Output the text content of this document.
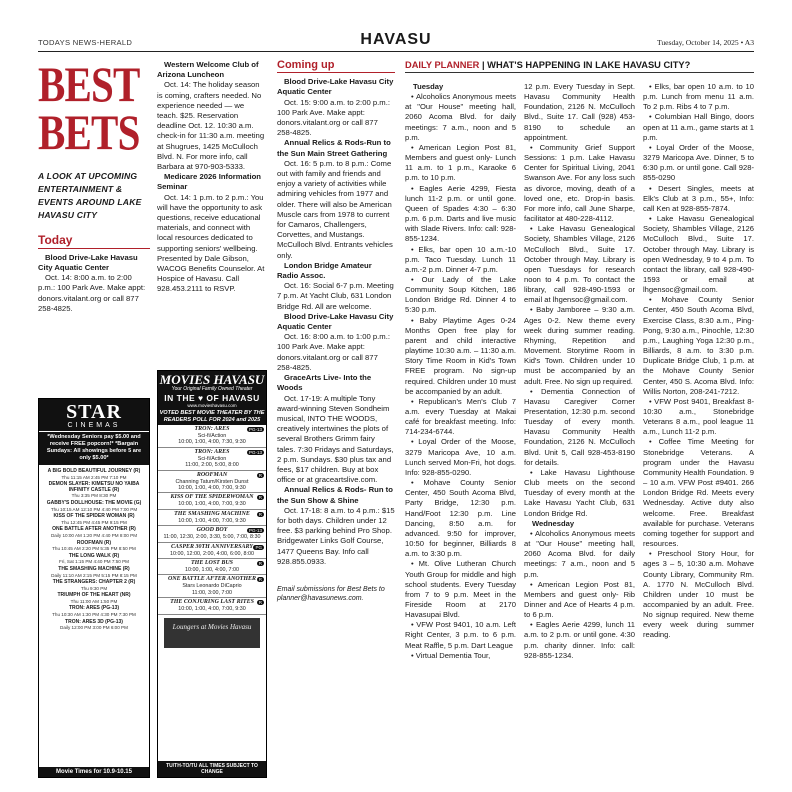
TODAYS NEWS-HERALD	HAVASU	Tuesday, October 14, 2025 • A3
BEST
BETS
A LOOK AT UPCOMING ENTERTAINMENT & EVENTS AROUND LAKE HAVASU CITY
Today

Blood Drive-Lake Havasu City Aquatic Center

Oct. 14: 8:00 a.m. to 2:00 p.m.: 100 Park Ave. Make appt: donors.vitalant.org or call 877 258-4825.

STAR
CINEMAS
*Wednesday Seniors pay $5.00 and receive FREE popcorn!* *Bargain Sundays: All showings before 5 are only $5.00*
A BIG BOLD BEAUTIFUL JOURNEY (R)
Thu 11:15 AM 2:45 PM 7:10 PM
DEMON SLAYER: KIMETSU NO YAIBA INFINITY CASTLE (R)
Thu 3:35 PM 8:30 PM
GABBY'S DOLLHOUSE: THE MOVIE (G)
Thu 10:15 AM 12:10 PM 4:40 PM 7:00 PM
KISS OF THE SPIDER WOMAN (R)
Thu 12:45 PM 4:45 PM 9:15 PM
ONE BATTLE AFTER ANOTHER (R)
Daily 10:00 AM 1:20 PM 4:40 PM 8:00 PM
ROOFMAN (R)
Thu 10:45 AM 2:20 PM 5:35 PM 8:50 PM
THE LONG WALK (R)
Fri, Sat 1:15 PM 4:40 PM 7:50 PM
THE SMASHING MACHINE (R)
Daily 11:10 AM 2:15 PM 5:15 PM 8:15 PM
THE STRANGERS: CHAPTER 2 (R)
Thu 9:30 PM
TRIUMPH OF THE HEART (NR)
Thu 11:00 AM 1:50 PM
TRON: ARES (PG-13)
Thu 10:30 AM 1:30 PM 4:30 PM 7:30 PM
TRON: ARES 3D (PG-13)
Daily 12:00 PM 3:00 PM 6:00 PM
Movie Times for 10.9-10.15

Western Welcome Club of Arizona Luncheon

Oct. 14: The holiday season is coming, crafters needed. No experience needed — we teach. $25. Reservation deadline Oct. 12. 10:30 a.m. check-in for 11:30 a.m. meeting at Shugrues, 1425 McCulloch Blvd. N. For more info, call Barbara at 970-903-5333.

Medicare 2026 Information Seminar

Oct. 14: 1 p.m. to 2 p.m.: You will have the opportunity to ask questions, receive educational materials, and connect with local resources dedicated to supporting seniors' wellbeing. Presented by Dale Gibson, WACOG Benefits Counselor. At Hospice of Havasu. Call 928.453.2111 to RSVP.

MOVIES HAVASU
Your Original Family Owned Theater
IN THE ♥ OF HAVASU
www.movieshavasu.com
VOTED BEST MOVIE THEATER BY THE READERS POLL FOR 2024 and 2025
PG-13
TRON: ARES
Sci-fi/Action
10:00, 1:00, 4:00, 7:30, 9:30
PG-13
TRON: ARES
Sci-fi/Action
11:00, 2:00, 5:00, 8:00
R
ROOFMAN
Channing Tatum/Kirsten Dunst
10:00, 1:00, 4:00, 7:00, 9:30
R
KISS OF THE SPIDERWOMAN
10:00, 1:00, 4:00, 7:00, 9:30
R
THE SMASHING MACHINE
10:00, 1:00, 4:00, 7:00, 9:30
PG-13
GOOD BOY
11:00, 12:30, 2:00, 3:30, 5:00, 7:00, 8:30
PG
CASPER 30TH ANNIVERSARY
10:00, 12:00, 2:00, 4:00, 6:00, 8:00
R
THE LOST BUS
10:00, 1:00, 4:00, 7:00
R
ONE BATTLE AFTER ANOTHER
Stars Leonardo DiCaprio
11:00, 3:00, 7:00
R
THE CONJURING LAST RITES
10:00, 1:00, 4:00, 7:00, 9:30
Loungers at Movies Havasu
TU/TH-TO/TU ALL TIMES SUBJECT TO CHANGE
Coming up

Blood Drive-Lake Havasu City Aquatic Center

Oct. 15: 9:00 a.m. to 2:00 p.m.: 100 Park Ave. Make appt: donors.vitalant.org or call 877 258-4825.

Annual Relics & Rods-Run to the Sun Main Street Gathering

Oct. 16: 5 p.m. to 8 p.m.: Come out with family and friends and enjoy a variety of activities while admiring vehicles from 1977 and older. There will also be American Muscle cars from 1978 to current for Camaros, Challengers, Corvettes, and Mustangs. McCulloch Blvd. Entrants vehicles only.

London Bridge Amateur Radio Assoc.

Oct. 16: Social 6-7 p.m. Meeting 7 p.m. At Yacht Club, 631 London Bridge Rd. All are welcome.

Blood Drive-Lake Havasu City Aquatic Center

Oct. 16: 8:00 a.m. to 1:00 p.m.: 100 Park Ave. Make appt: donors.vitalant.org or call 877 258-4825.

GraceArts Live- Into the Woods

Oct. 17-19: A multiple Tony award-winning Steven Sondheim musical, INTO THE WOODS, creatively intertwines the plots of several Brothers Grimm fairy tales. 7:30 Fridays and Saturdays, 2 p.m. Sundays. $30 plus tax and fees, $17 children. Buy at box office or at graceartslive.com.

Annual Relics & Rods- Run to the Sun Show & Shine

Oct. 17-18: 8 a.m. to 4 p.m.: $15 for both days. Children under 12 free. $3 parking behind Pro Shop. Bridgewater Links Golf Course, 1477 Queens Bay. Info call 928.855.0933.

Email submissions for Best Bets to planner@havasunews.com.

DAILY PLANNER | WHAT'S HAPPENING IN LAKE HAVASU CITY?

Tuesday

• Alcoholics Anonymous meets at "Our House" meeting hall, 2060 Acoma Blvd. for daily meetings: 7 a.m., noon and 5 p.m.

• American Legion Post 81, Members and guest only- Lunch 11 a.m. to 1 p.m., Karaoke 6 p.m. to 10 p.m.

• Eagles Aerie 4299, Fiesta lunch 11-2 p.m. or until gone. Queen of Spades 4:30 – 6:30 p.m. 6 p.m. Darts and live music with Slade Rivers. Info: call: 928-855-1234.

• Elks, bar open 10 a.m.-10 p.m. Taco Tuesday. Lunch 11 a.m.-2 p.m. Dinner 4-7 p.m.

• Our Lady of the Lake Community Soup Kitchen, 186 London Bridge Rd. Dinner 4 to 5:30 p.m.

• Baby Playtime Ages 0-24 Months Open free play for parent and child interactive playtime 10:30 a.m. – 11:30 a.m. Story Time Room in Kid's Town FREE program. No sign-up required. Children under 10 must be accompanied by an adult.

• Republican's Men's Club 7 a.m. every Tuesday at Makai café for breakfast meeting. Info: 714-234-6744.

• Loyal Order of the Moose, 3279 Maricopa Ave, 10 a.m. Lunch served Mon-Fri, hot dogs. Info: 928-855-0290.

• Mohave County Senior Center, 450 South Acoma Blvd, Party Bridge, 12:30 p.m. Hand/Foot 12:30 p.m. Line Dancing, 8:50 a.m. for advanced. 9:50 for improver, 10:50 for beginner, Billiards 8 a.m. to 3:30 p.m.

• Mt. Olive Lutheran Church Youth Group for middle and high school students. Every Tuesday from 7 to 9 p.m. Meet in the Fireside Room at 2170 Havasupai Blvd.

• VFW Post 9401, 10 a.m. Left Right Center, 3 p.m. to 6 p.m. Meat Raffle, 5 p.m. Dart League

• Virtual Dementia Tour,

12 p.m. Every Tuesday in Sept. Havasu Community Health Foundation, 2126 N. McCulloch Blvd., Suite 17. Call (928) 453-8190 to schedule an appointment.

• Community Grief Support Sessions: 1 p.m. Lake Havasu Center for Spiritual Living, 2041 Swanson Ave. For any loss such as divorce, moving, death of a loved one, etc. Drop-in basis. For more info, call June Sharpe, facilitator at 480-228-4112.

• Lake Havasu Genealogical Society, Shambles Village, 2126 McCulloch Blvd., Suite 17. October through May. Library is open Tuesdays for research noon to 4 p.m. To contact the library, call 928-490-1593 or email at lhgensoc@gmail.com.

• Baby Jamboree – 9:30 a.m. Ages 0-2. New theme every week during summer reading. Rhyming, Repetition and Movement. Storytime Room in Kid's Town. Children under 10 must be accompanied by an adult. Free. No sign up required.

• Dementia Connection of Havasu Caregiver Corner Presentation, 12:30 p.m. second Tuesday of every month. Havasu Community Health Foundation, 2126 N. McCulloch Blvd. Unit 5, Call 928-453-8190 for details.

• Lake Havasu Lighthouse Club meets on the second Tuesday of every month at the Lake Havasu Yacht Club, 631 London Bridge Rd.

Wednesday

• Alcoholics Anonymous meets at "Our House" meeting hall, 2060 Acoma Blvd. for daily meetings: 7 a.m., noon and 5 p.m.

• American Legion Post 81, Members and guest only- Rib Dinner and Ace of Hearts 4 p.m. to 6 p.m.

• Eagles Aerie 4299, lunch 11 a.m. to 2 p.m. or until gone. 4:30 p.m. charity dinner. Info: call: 928-855-1234.

• Elks, bar open 10 a.m. to 10 p.m. Lunch from menu 11 a.m. To 2 p.m. Ribs 4 to 7 p.m.

• Columbian Hall Bingo, doors open at 11 a.m., game starts at 1 p.m.

• Loyal Order of the Moose, 3279 Maricopa Ave. Dinner, 5 to 6:30 p.m. or until gone. Call 928-855-0290

• Desert Singles, meets at Elk's Club at 3 p.m., 55+, Info: call Ken at 928-855-7874.

• Lake Havasu Genealogical Society, Shambles Village, 2126 McCulloch Blvd., Suite 17. October through May. Library is open Wednesday, 9 to 4 p.m. To contact the library, call 928-490-1593 or email at lhgensoc@gmail.com.

• Mohave County Senior Center, 450 South Acoma Blvd, Exercise Class, 8:30 a.m., Ping-Pong, 9:30 a.m., Pinochle, 12:30 p.m., Laughing Yoga 12:30 p.m., Billiards, 8 a.m. to 3:30 p.m. Duplicate Bridge Club, 1 p.m. at the Mohave County Senior Center, 450 S. Acoma Blvd. Info: Willis Norton, 208-241-7212.

• VFW Post 9401, Breakfast 8-10:30 a.m., Stonebridge Veterans 8 a.m., pool league 11 a.m., Lunch 11-2 p.m.

• Coffee Time Meeting for Stonebridge Veterans. A program under the Havasu Community Health Foundation. 9 – 10 a.m. VFW Post #9401. 266 London Bridge Rd. Meets every Wednesday. Active duty also welcome. Free. Breakfast available for purchase. Veterans coming together for support and resources.

• Preschool Story Hour, for ages 3 – 5, 10:30 a.m. Mohave County Library, Community Rm. A. 1770 N. McCulloch Blvd. Children under 10 must be accompanied by an adult. Free. No signup required. New theme every week during summer reading.
